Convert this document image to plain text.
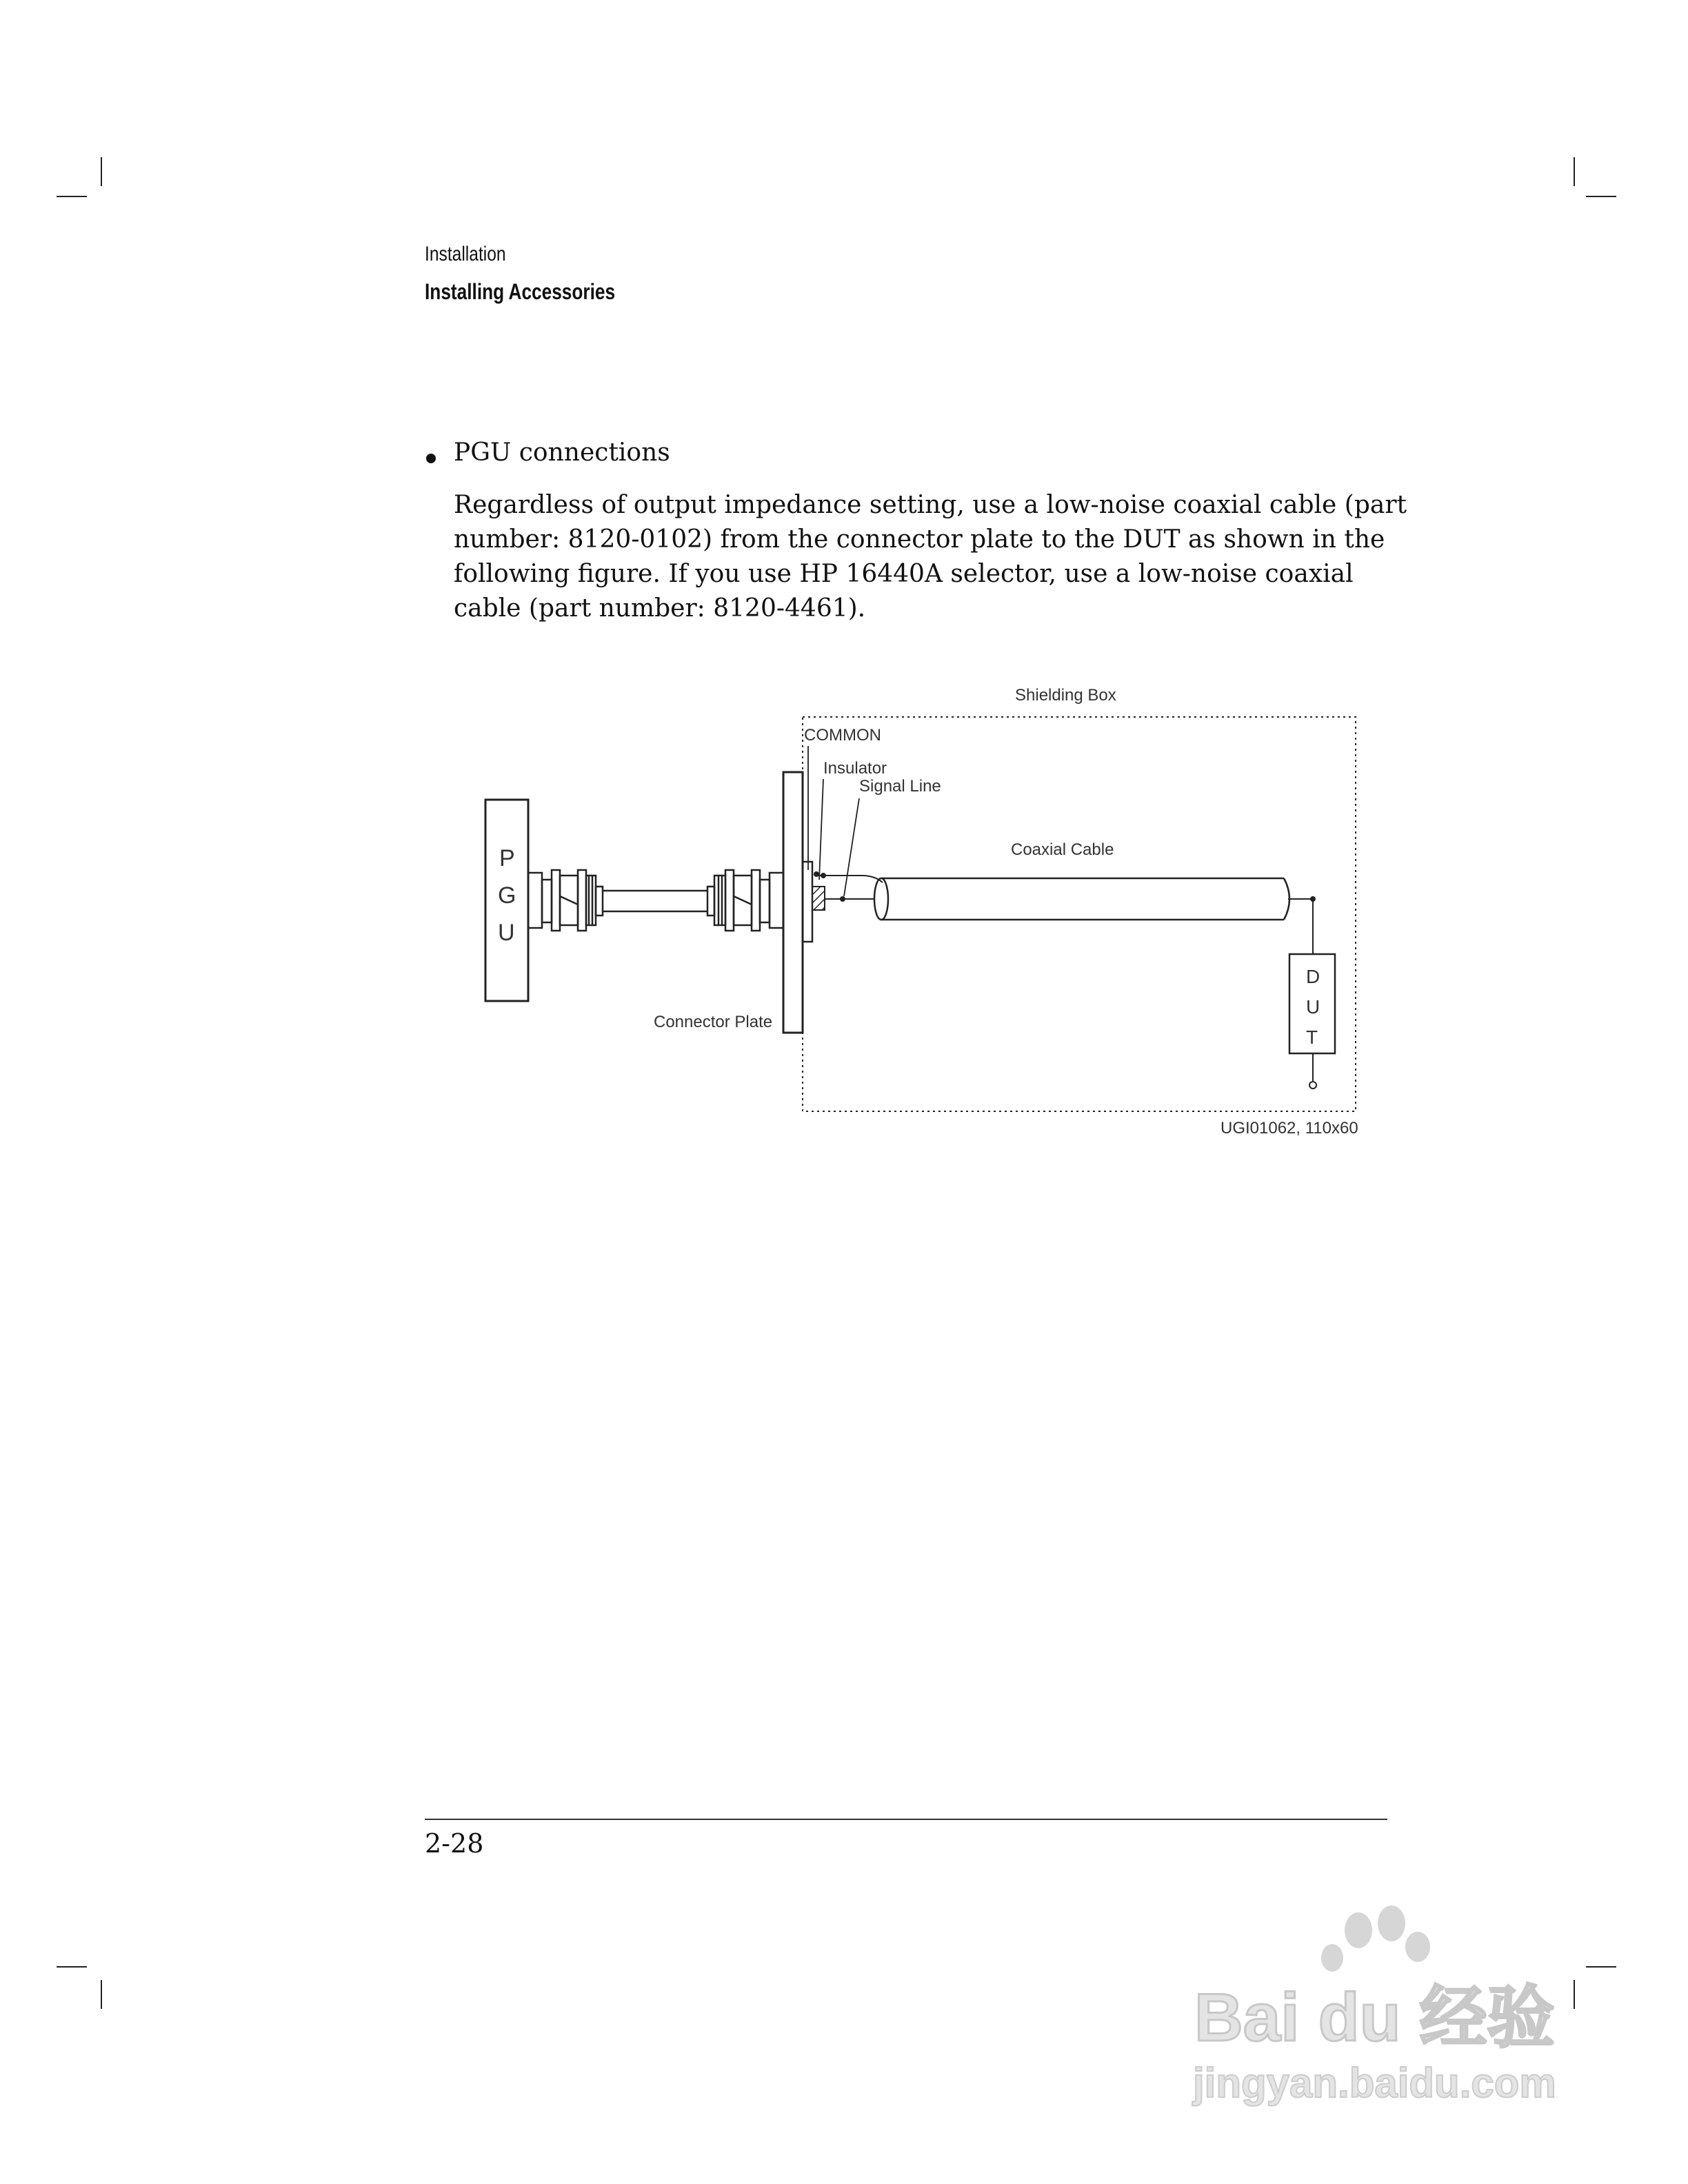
Installation
Installing Accessories
PGU connections

Regardless of output impedance setting, use a low-noise coaxial cable (part
number: 8120-0102) from the connector plate to the DUT as shown in the
following figure. If you use HP 16440A selector, use a low-noise coaxial
cable (part number: 8120-4461).

Shielding Box
P
G
U
Connector Plate
COMMON
Insulator
Signal Line
Coaxial Cable
D
U
T
UGI01062, 110x60
2-28
Bai du 经验
jingyan.baidu.com
